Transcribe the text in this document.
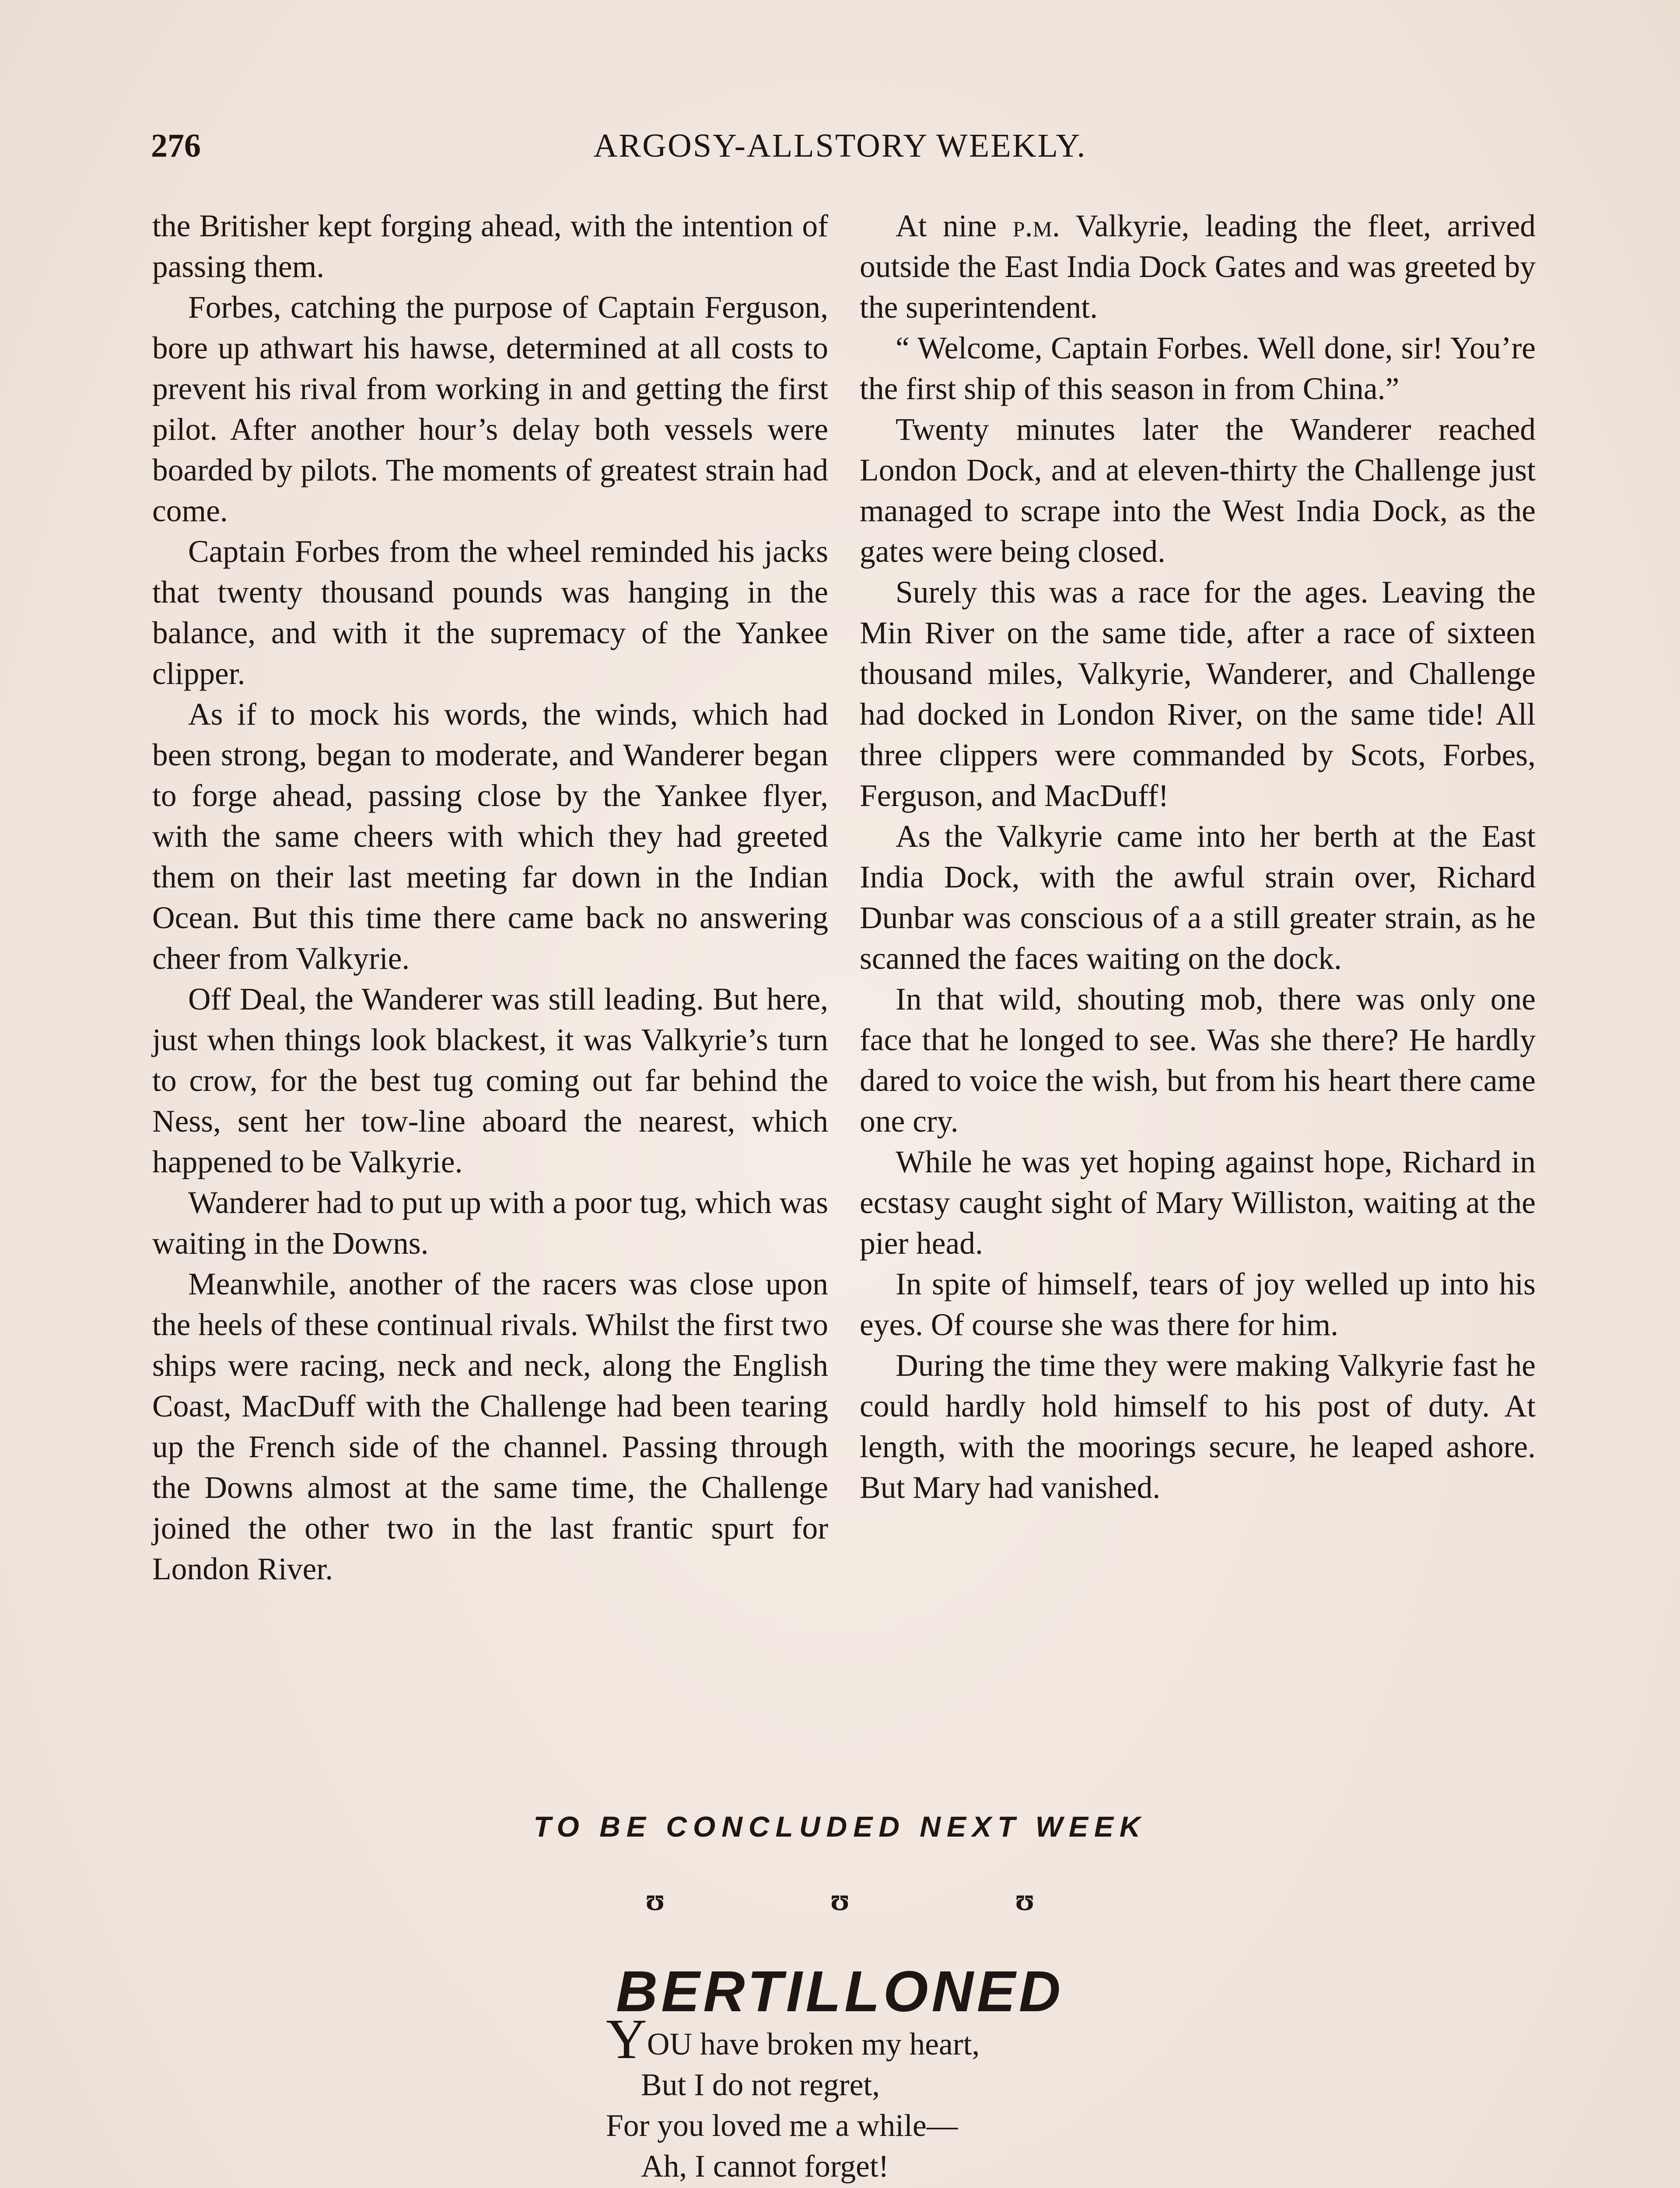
276	ARGOSY-ALLSTORY WEEKLY.

the Britisher kept forging ahead, with the intention of passing them.

Forbes, catching the purpose of Captain Ferguson, bore up athwart his hawse, determined at all costs to prevent his rival from working in and getting the first pilot. After another hour’s delay both vessels were boarded by pilots. The moments of greatest strain had come.

Captain Forbes from the wheel reminded his jacks that twenty thousand pounds was hanging in the balance, and with it the supremacy of the Yankee clipper.

As if to mock his words, the winds, which had been strong, began to moderate, and Wanderer began to forge ahead, passing close by the Yankee flyer, with the same cheers with which they had greeted them on their last meeting far down in the Indian Ocean. But this time there came back no answering cheer from Valkyrie.

Off Deal, the Wanderer was still leading. But here, just when things look blackest, it was Valkyrie’s turn to crow, for the best tug coming out far behind the Ness, sent her tow-line aboard the nearest, which happened to be Valkyrie.

Wanderer had to put up with a poor tug, which was waiting in the Downs.

Meanwhile, another of the racers was close upon the heels of these continual rivals. Whilst the first two ships were racing, neck and neck, along the English Coast, MacDuff with the Challenge had been tearing up the French side of the channel. Passing through the Downs almost at the same time, the Challenge joined the other two in the last frantic spurt for London River.

At nine p.m. Valkyrie, leading the fleet, arrived outside the East India Dock Gates and was greeted by the superintendent.

“ Welcome, Captain Forbes. Well done, sir! You’re the first ship of this season in from China.”

Twenty minutes later the Wanderer reached London Dock, and at eleven-thirty the Challenge just managed to scrape into the West India Dock, as the gates were being closed.

Surely this was a race for the ages. Leaving the Min River on the same tide, after a race of sixteen thousand miles, Valkyrie, Wanderer, and Challenge had docked in London River, on the same tide! All three clippers were commanded by Scots, Forbes, Ferguson, and MacDuff!

As the Valkyrie came into her berth at the East India Dock, with the awful strain over, Richard Dunbar was conscious of a a still greater strain, as he scanned the faces waiting on the dock.

In that wild, shouting mob, there was only one face that he longed to see. Was she there? He hardly dared to voice the wish, but from his heart there came one cry.

While he was yet hoping against hope, Richard in ecstasy caught sight of Mary Williston, waiting at the pier head.

In spite of himself, tears of joy welled up into his eyes. Of course she was there for him.

During the time they were making Valkyrie fast he could hardly hold himself to his post of duty. At length, with the moorings secure, he leaped ashore. But Mary had vanished.

TO BE CONCLUDED NEXT WEEK
ʊ	ʊ	ʊ
BERTILLONED
YOU have broken my heart,
But I do not regret,
For you loved me a while—
Ah, I cannot forget!
